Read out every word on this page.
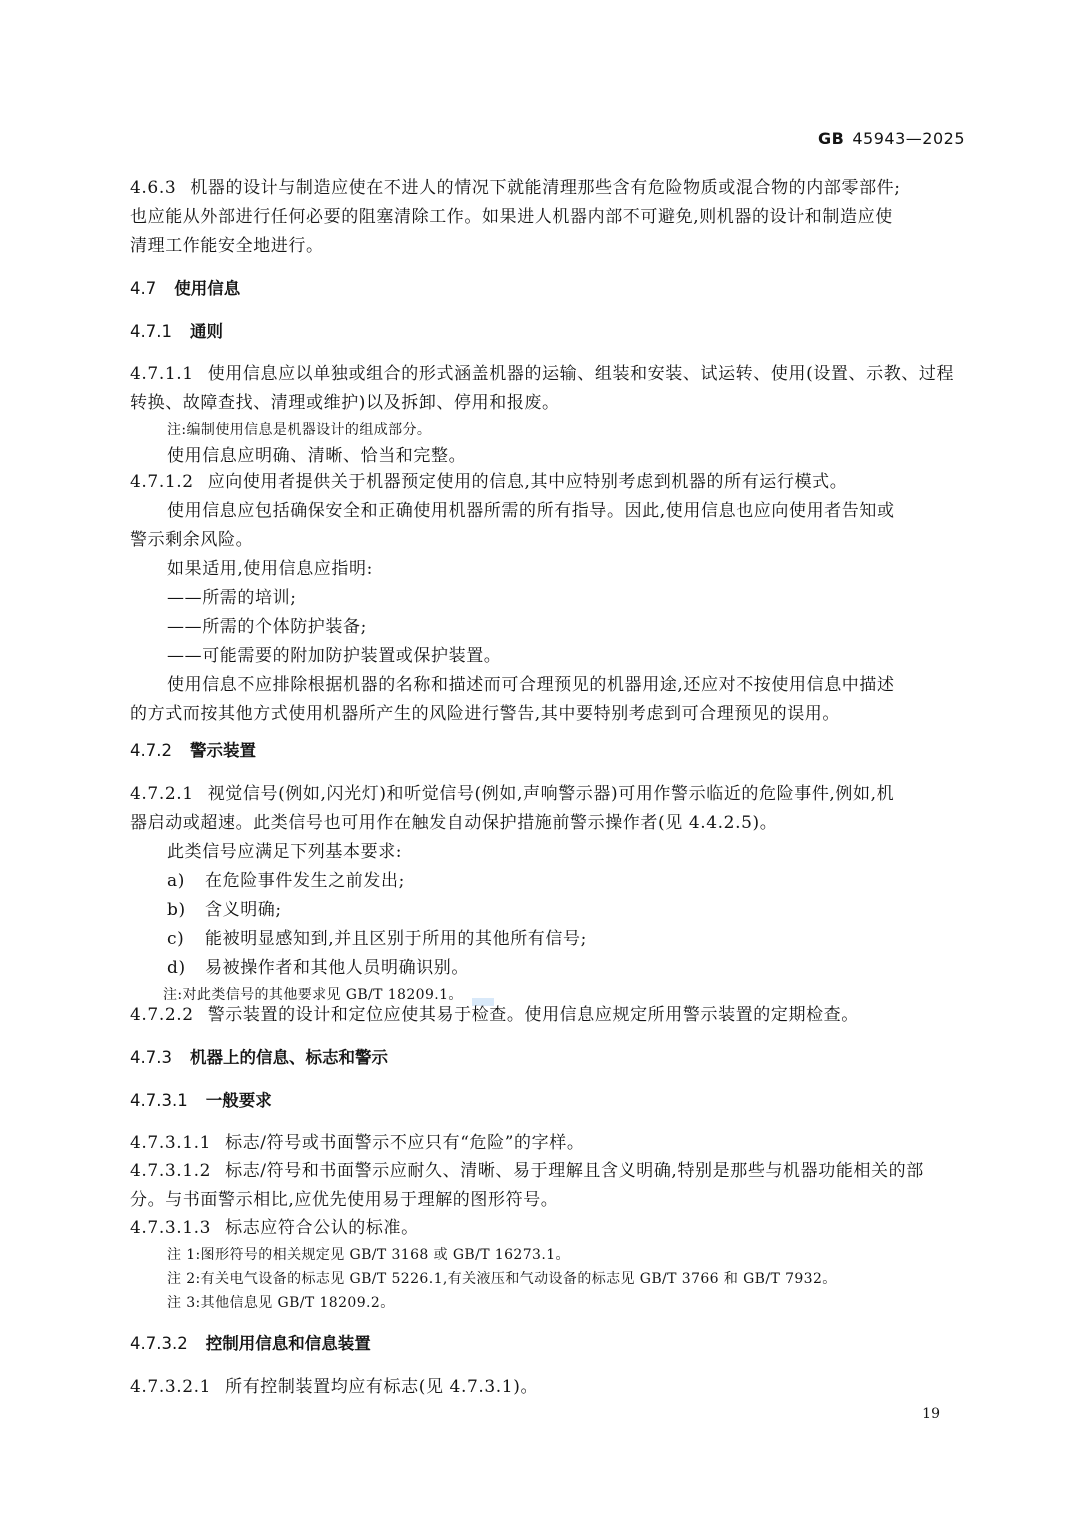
GB 45943—2025
4.6.3 机器的设计与制造应使在不进人的情况下就能清理那些含有危险物质或混合物的内部零部件;
也应能从外部进行任何必要的阻塞清除工作。如果进人机器内部不可避免,则机器的设计和制造应使
清理工作能安全地进行。
4.7 使用信息
4.7.1 通则
4.7.1.1 使用信息应以单独或组合的形式涵盖机器的运输、组装和安装、试运转、使用(设置、示教、过程
转换、故障查找、清理或维护)以及拆卸、停用和报废。
注:编制使用信息是机器设计的组成部分。
使用信息应明确、清晰、恰当和完整。
4.7.1.2 应向使用者提供关于机器预定使用的信息,其中应特别考虑到机器的所有运行模式。
使用信息应包括确保安全和正确使用机器所需的所有指导。因此,使用信息也应向使用者告知或
警示剩余风险。
如果适用,使用信息应指明:
——所需的培训;
——所需的个体防护装备;
——可能需要的附加防护装置或保护装置。
使用信息不应排除根据机器的名称和描述而可合理预见的机器用途,还应对不按使用信息中描述
的方式而按其他方式使用机器所产生的风险进行警告,其中要特别考虑到可合理预见的误用。
4.7.2 警示装置
4.7.2.1 视觉信号(例如,闪光灯)和听觉信号(例如,声响警示器)可用作警示临近的危险事件,例如,机
器启动或超速。此类信号也可用作在触发自动保护措施前警示操作者(见 4.4.2.5)。
此类信号应满足下列基本要求:
a) 在危险事件发生之前发出;
b) 含义明确;
c) 能被明显感知到,并且区别于所用的其他所有信号;
d) 易被操作者和其他人员明确识别。
注:对此类信号的其他要求见 GB/T 18209.1。
4.7.2.2 警示装置的设计和定位应使其易于检查。使用信息应规定所用警示装置的定期检查。
4.7.3 机器上的信息、标志和警示
4.7.3.1 一般要求
4.7.3.1.1 标志/符号或书面警示不应只有“危险”的字样。
4.7.3.1.2 标志/符号和书面警示应耐久、清晰、易于理解且含义明确,特别是那些与机器功能相关的部
分。与书面警示相比,应优先使用易于理解的图形符号。
4.7.3.1.3 标志应符合公认的标准。
注 1:图形符号的相关规定见 GB/T 3168 或 GB/T 16273.1。
注 2:有关电气设备的标志见 GB/T 5226.1,有关液压和气动设备的标志见 GB/T 3766 和 GB/T 7932。
注 3:其他信息见 GB/T 18209.2。
4.7.3.2 控制用信息和信息装置
4.7.3.2.1 所有控制装置均应有标志(见 4.7.3.1)。
19
